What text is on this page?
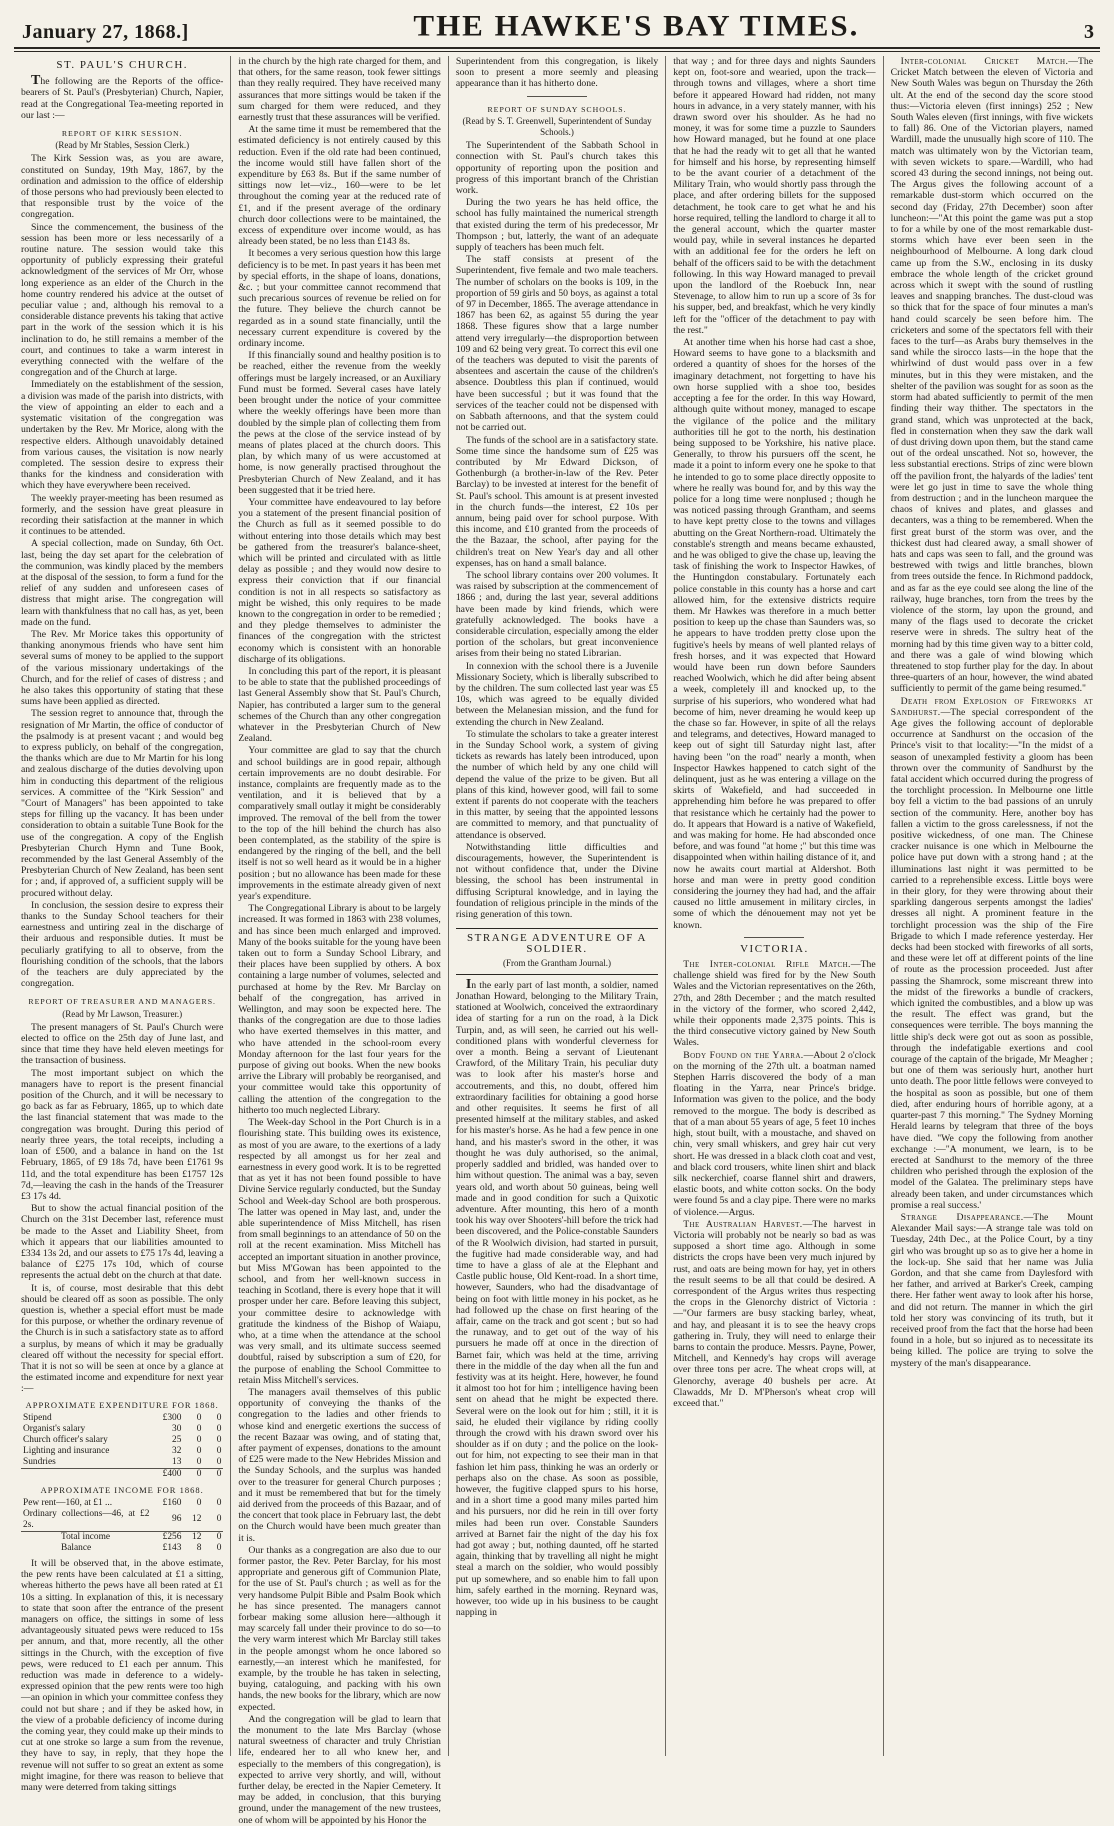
January 27, 1868.]	THE HAWKE'S BAY TIMES.	3
ST. PAUL'S CHURCH.

The following are the Reports of the office-bearers of St. Paul's (Presbyterian) Church, Napier, read at the Congregational Tea-meeting reported in our last :—

REPORT OF KIRK SESSION.
(Read by Mr Stables, Session Clerk.)

The Kirk Session was, as you are aware, constituted on Sunday, 19th May, 1867, by the ordination and admission to the office of eldership of those persons who had previously been elected to that responsible trust by the voice of the congregation.

Since the commencement, the business of the session has been more or less necessarily of a routine nature. The session would take this opportunity of publicly expressing their grateful acknowledgment of the services of Mr Orr, whose long experience as an elder of the Church in the home country rendered his advice at the outset of peculiar value ; and, although his removal to a considerable distance prevents his taking that active part in the work of the session which it is his inclination to do, he still remains a member of the court, and continues to take a warm interest in everything connected with the welfare of the congregation and of the Church at large.

Immediately on the establishment of the session, a division was made of the parish into districts, with the view of appointing an elder to each and a systematic visitation of the congregation was undertaken by the Rev. Mr Morice, along with the respective elders. Although unavoidably detained from various causes, the visitation is now nearly completed. The session desire to express their thanks for the kindness and consideration with which they have everywhere been received.

The weekly prayer-meeting has been resumed as formerly, and the session have great pleasure in recording their satisfaction at the manner in which it continues to be attended.

A special collection, made on Sunday, 6th Oct. last, being the day set apart for the celebration of the communion, was kindly placed by the members at the disposal of the session, to form a fund for the relief of any sudden and unforeseen cases of distress that might arise. The congregation will learn with thankfulness that no call has, as yet, been made on the fund.

The Rev. Mr Morice takes this opportunity of thanking anonymous friends who have sent him several sums of money to be applied to the support of the various missionary undertakings of the Church, and for the relief of cases of distress ; and he also takes this opportunity of stating that these sums have been applied as directed.

The session regret to announce that, through the resignation of Mr Martin, the office of conductor of the psalmody is at present vacant ; and would beg to express publicly, on behalf of the congregation, the thanks which are due to Mr Martin for his long and zealous discharge of the duties devolving upon him in conducting this department of the religious services. A committee of the "Kirk Session" and "Court of Managers" has been appointed to take steps for filling up the vacancy. It has been under consideration to obtain a suitable Tune Book for the use of the congregation. A copy of the English Presbyterian Church Hymn and Tune Book, recommended by the last General Assembly of the Presbyterian Church of New Zealand, has been sent for ; and, if approved of, a sufficient supply will be procured without delay.

In conclusion, the session desire to express their thanks to the Sunday School teachers for their earnestness and untiring zeal in the discharge of their arduous and responsible duties. It must be peculiarly gratifying to all to observe, from the flourishing condition of the schools, that the labors of the teachers are duly appreciated by the congregation.

REPORT OF TREASURER AND MANAGERS.
(Read by Mr Lawson, Treasurer.)

The present managers of St. Paul's Church were elected to office on the 25th day of June last, and since that time they have held eleven meetings for the transaction of business.

The most important subject on which the managers have to report is the present financial position of the Church, and it will be necessary to go back as far as February, 1865, up to which date the last financial statement that was made to the congregation was brought. During this period of nearly three years, the total receipts, including a loan of £500, and a balance in hand on the 1st February, 1865, of £9 18s 7d, have been £1761 9s 11d, and the total expenditure has been £1757 12s 7d,—leaving the cash in the hands of the Treasurer £3 17s 4d.

But to show the actual financial position of the Church on the 31st December last, reference must be made to the Asset and Liability Sheet, from which it appears that our liabilities amounted to £334 13s 2d, and our assets to £75 17s 4d, leaving a balance of £275 17s 10d, which of course represents the actual debt on the church at that date.

It is, of course, most desirable that this debt should be cleared off as soon as possible. The only question is, whether a special effort must be made for this purpose, or whether the ordinary revenue of the Church is in such a satisfactory state as to afford a surplus, by means of which it may be gradually cleared off without the necessity for special effort. That it is not so will be seen at once by a glance at the estimated income and expenditure for next year :—

APPROXIMATE EXPENDITURE FOR 1868.
Stipend	£300	0	0
Organist's salary	30	0	0
Church officer's salary	25	0	0
Lighting and insurance	32	0	0
Sundries	13	0	0
	£400	0	0
APPROXIMATE INCOME FOR 1868.
Pew rent—160, at £1 ...	£160	0	0
Ordinary collections—46, at £2 2s.	96	12	0
Total income	£256	12	0
Balance	£143	8	0

It will be observed that, in the above estimate, the pew rents have been calculated at £1 a sitting, whereas hitherto the pews have all been rated at £1 10s a sitting. In explanation of this, it is necessary to state that soon after the entrance of the present managers on office, the sittings in some of less advantageously situated pews were reduced to 15s per annum, and that, more recently, all the other sittings in the Church, with the exception of five pews, were reduced to £1 each per annum. This reduction was made in deference to a widely-expressed opinion that the pew rents were too high—an opinion in which your committee confess they could not but share ; and if they be asked how, in the view of a probable deficiency of income during the coming year, they could make up their minds to cut at one stroke so large a sum from the revenue, they have to say, in reply, that they hope the revenue will not suffer to so great an extent as some might imagine, for there was reason to believe that many were deterred from taking sittings

in the church by the high rate charged for them, and that others, for the same reason, took fewer sittings than they really required. They have received many assurances that more sittings would be taken if the sum charged for them were reduced, and they earnestly trust that these assurances will be verified.

At the same time it must be remembered that the estimated deficiency is not entirely caused by this reduction. Even if the old rate had been continued, the income would still have fallen short of the expenditure by £63 8s. But if the same number of sittings now let—viz., 160—were to be let throughout the coming year at the reduced rate of £1, and if the present average of the ordinary church door collections were to be maintained, the excess of expenditure over income would, as has already been stated, be no less than £143 8s.

It becomes a very serious question how this large deficiency is to be met. In past years it has been met by special efforts, in the shape of loans, donations, &c. ; but your committee cannot recommend that such precarious sources of revenue be relied on for the future. They believe the church cannot be regarded as in a sound state financially, until the necessary current expenditure is covered by the ordinary income.

If this financially sound and healthy position is to be reached, either the revenue from the weekly offerings must be largely increased, or an Auxiliary Fund must be formed. Several cases have lately been brought under the notice of your committee where the weekly offerings have been more than doubled by the simple plan of collecting them from the pews at the close of the service instead of by means of plates placed at the church doors. This plan, by which many of us were accustomed at home, is now generally practised throughout the Presbyterian Church of New Zealand, and it has been suggested that it be tried here.

Your committee have endeavoured to lay before you a statement of the present financial position of the Church as full as it seemed possible to do without entering into those details which may best be gathered from the treasurer's balance-sheet, which will be printed and circulated with as little delay as possible ; and they would now desire to express their conviction that if our financial condition is not in all respects so satisfactory as might be wished, this only requires to be made known to the congregation in order to be remedied ; and they pledge themselves to administer the finances of the congregation with the strictest economy which is consistent with an honorable discharge of its obligations.

In concluding this part of the report, it is pleasant to be able to state that the published proceedings of last General Assembly show that St. Paul's Church, Napier, has contributed a larger sum to the general schemes of the Church than any other congregation whatever in the Presbyterian Church of New Zealand.

Your committee are glad to say that the church and school buildings are in good repair, although certain improvements are no doubt desirable. For instance, complaints are frequently made as to the ventilation, and it is believed that by a comparatively small outlay it might be considerably improved. The removal of the bell from the tower to the top of the hill behind the church has also been contemplated, as the stability of the spire is endangered by the ringing of the bell, and the bell itself is not so well heard as it would be in a higher position ; but no allowance has been made for these improvements in the estimate already given of next year's expenditure.

The Congregational Library is about to be largely increased. It was formed in 1863 with 238 volumes, and has since been much enlarged and improved. Many of the books suitable for the young have been taken out to form a Sunday School Library, and their places have been supplied by others. A box containing a large number of volumes, selected and purchased at home by the Rev. Mr Barclay on behalf of the congregation, has arrived in Wellington, and may soon be expected here. The thanks of the congregation are due to those ladies who have exerted themselves in this matter, and who have attended in the school-room every Monday afternoon for the last four years for the purpose of giving out books. When the new books arrive the Library will probably be reorganised, and your committee would take this opportunity of calling the attention of the congregation to the hitherto too much neglected Library.

The Week-day School in the Port Church is in a flourishing state. This building owes its existence, as most of you are aware, to the exertions of a lady respected by all amongst us for her zeal and earnestness in every good work. It is to be regretted that as yet it has not been found possible to have Divine Service regularly conducted, but the Sunday School and Week-day School are both prosperous. The latter was opened in May last, and, under the able superintendence of Miss Mitchell, has risen from small beginnings to an attendance of 50 on the roll at the recent examination. Miss Mitchell has accepted an important situation in another province, but Miss M'Gowan has been appointed to the school, and from her well-known success in teaching in Scotland, there is every hope that it will prosper under her care. Before leaving this subject, your committee desire to acknowledge with gratitude the kindness of the Bishop of Waiapu, who, at a time when the attendance at the school was very small, and its ultimate success seemed doubtful, raised by subscription a sum of £20, for the purpose of enabling the School Committee to retain Miss Mitchell's services.

The managers avail themselves of this public opportunity of conveying the thanks of the congregation to the ladies and other friends to whose kind and energetic exertions the success of the recent Bazaar was owing, and of stating that, after payment of expenses, donations to the amount of £25 were made to the New Hebrides Mission and the Sunday Schools, and the surplus was handed over to the treasurer for general Church purposes ; and it must be remembered that but for the timely aid derived from the proceeds of this Bazaar, and of the concert that took place in February last, the debt on the Church would have been much greater than it is.

Our thanks as a congregation are also due to our former pastor, the Rev. Peter Barclay, for his most appropriate and generous gift of Communion Plate, for the use of St. Paul's church ; as well as for the very handsome Pulpit Bible and Psalm Book which he has since presented. The managers cannot forbear making some allusion here—although it may scarcely fall under their province to do so—to the very warm interest which Mr Barclay still takes in the people amongst whom he once labored so earnestly,—an interest which he manifested, for example, by the trouble he has taken in selecting, buying, cataloguing, and packing with his own hands, the new books for the library, which are now expected.

And the congregation will be glad to learn that the monument to the late Mrs Barclay (whose natural sweetness of character and truly Christian life, endeared her to all who knew her, and especially to the members of this congregation), is expected to arrive very shortly, and will, without further delay, be erected in the Napier Cemetery. It may be added, in conclusion, that this burying ground, under the management of the new trustees, one of whom will be appointed by his Honor the

Superintendent from this congregation, is likely soon to present a more seemly and pleasing appearance than it has hitherto done.

REPORT OF SUNDAY SCHOOLS.
(Read by S. T. Greenwell, Superintendent of Sunday Schools.)

The Superintendent of the Sabbath School in connection with St. Paul's church takes this opportunity of reporting upon the position and progress of this important branch of the Christian work.

During the two years he has held office, the school has fully maintained the numerical strength that existed during the term of his predecessor, Mr Thompson ; but, latterly, the want of an adequate supply of teachers has been much felt.

The staff consists at present of the Superintendent, five female and two male teachers. The number of scholars on the books is 109, in the proportion of 59 girls and 50 boys, as against a total of 97 in December, 1865. The average attendance in 1867 has been 62, as against 55 during the year 1868. These figures show that a large number attend very irregularly—the disproportion between 109 and 62 being very great. To correct this evil one of the teachers was deputed to visit the parents of absentees and ascertain the cause of the children's absence. Doubtless this plan if continued, would have been successful ; but it was found that the services of the teacher could not be dispensed with on Sabbath afternoons, and that the system could not be carried out.

The funds of the school are in a satisfactory state. Some time since the handsome sum of £25 was contributed by Mr Edward Dickson, of Gothenburgh (a brother-in-law of the Rev. Peter Barclay) to be invested at interest for the benefit of St. Paul's school. This amount is at present invested in the church funds—the interest, £2 10s per annum, being paid over for school purpose. With this income, and £10 granted from the proceeds of the the Bazaar, the school, after paying for the children's treat on New Year's day and all other expenses, has on hand a small balance.

The school library contains over 200 volumes. It was raised by subscription at the commencement of 1866 ; and, during the last year, several additions have been made by kind friends, which were gratefully acknowledged. The books have a considerable circulation, especially among the elder portion of the scholars, but great inconvenience arises from their being no stated Librarian.

In connexion with the school there is a Juvenile Missionary Society, which is liberally subscribed to by the children. The sum collected last year was £5 10s, which was agreed to be equally divided between the Melanesian mission, and the fund for extending the church in New Zealand.

To stimulate the scholars to take a greater interest in the Sunday School work, a system of giving tickets as rewards has lately been introduced, upon the number of which held by any one child will depend the value of the prize to be given. But all plans of this kind, however good, will fail to some extent if parents do not cooperate with the teachers in this matter, by seeing that the appointed lessons are committed to memory, and that punctuality of attendance is observed.

Notwithstanding little difficulties and discouragements, however, the Superintendent is not without confidence that, under the Divine blessing, the school has been instrumental in diffusing Scriptural knowledge, and in laying the foundation of religious principle in the minds of the rising generation of this town.

STRANGE ADVENTURE OF A SOLDIER.
(From the Grantham Journal.)

In the early part of last month, a soldier, named Jonathan Howard, belonging to the Military Train, stationed at Woolwich, conceived the extraordinary idea of starting for a run on the road, à la Dick Turpin, and, as will seen, he carried out his well-conditioned plans with wonderful cleverness for over a month. Being a servant of Lieutenant Crawford, of the Military Train, his peculiar duty was to look after his master's horse and accoutrements, and this, no doubt, offered him extraordinary facilities for obtaining a good horse and other requisites. It seems he first of all presented himself at the military stables, and asked for his master's horse. As he had a few pence in one hand, and his master's sword in the other, it was thought he was duly authorised, so the animal, properly saddled and bridled, was handed over to him without question. The animal was a bay, seven years old, and worth about 50 guineas, being well made and in good condition for such a Quixotic adventure. After mounting, this hero of a month took his way over Shooters'-hill before the trick had been discovered, and the Police-constable Saunders of the R Woolwich division, had started in pursuit, the fugitive had made considerable way, and had time to have a glass of ale at the Elephant and Castle public house, Old Kent-road. In a short time, however, Saunders, who had the disadvantage of being on foot with little money in his pocket, as he had followed up the chase on first hearing of the affair, came on the track and got scent ; but so had the runaway, and to get out of the way of his pursuers he made off at once in the direction of Barnet fair, which was held at the time, arriving there in the middle of the day when all the fun and festivity was at its height. Here, however, he found it almost too hot for him ; intelligence having been sent on ahead that he might be expected there. Several were on the look out for him ; still, it it is said, he eluded their vigilance by riding coolly through the crowd with his drawn sword over his shoulder as if on duty ; and the police on the look-out for him, not expecting to see their man in that fashion let him pass, thinking he was an orderly or perhaps also on the chase. As soon as possible, however, the fugitive clapped spurs to his horse, and in a short time a good many miles parted him and his pursuers, nor did he rein in till over forty miles had been run over. Constable Saunders arrived at Barnet fair the night of the day his fox had got away ; but, nothing daunted, off he started again, thinking that by travelling all night he might steal a march on the soldier, who would possibly put up somewhere, and so enable him to fall upon him, safely earthed in the morning. Reynard was, however, too wide up in his business to be caught napping in

that way ; and for three days and nights Saunders kept on, foot-sore and wearied, upon the track—through towns and villages, where a short time before it appeared Howard had ridden, not many hours in advance, in a very stately manner, with his drawn sword over his shoulder. As he had no money, it was for some time a puzzle to Saunders how Howard managed, but he found at one place that he had the ready wit to get all that he wanted for himself and his horse, by representing himself to be the avant courier of a detachment of the Military Train, who would shortly pass through the place, and after ordering billets for the supposed detachment, he took care to get what he and his horse required, telling the landlord to charge it all to the general account, which the quarter master would pay, while in several instances he departed with an additional fee for the orders he left on behalf of the officers said to be with the detachment following. In this way Howard managed to prevail upon the landlord of the Roebuck Inn, near Stevenage, to allow him to run up a score of 3s for his supper, bed, and breakfast, which he very kindly left for the "officer of the detachment to pay with the rest."

At another time when his horse had cast a shoe, Howard seems to have gone to a blacksmith and ordered a quantity of shoes for the horses of the imaginary detachment, not forgetting to have his own horse supplied with a shoe too, besides accepting a fee for the order. In this way Howard, although quite without money, managed to escape the vigilance of the police and the military authorities till he got to the north, his destination being supposed to be Yorkshire, his native place. Generally, to throw his pursuers off the scent, he made it a point to inform every one he spoke to that he intended to go to some place directly opposite to where he really was bound for, and by this way the police for a long time were nonplused ; though he was noticed passing through Grantham, and seems to have kept pretty close to the towns and villages abutting on the Great Northern-road. Ultimately the constable's strength and means became exhausted, and he was obliged to give the chase up, leaving the task of finishing the work to Inspector Hawkes, of the Huntingdon constabulary. Fortunately each police constable in this county has a horse and cart allowed him, for the extensive districts require them. Mr Hawkes was therefore in a much better position to keep up the chase than Saunders was, so he appears to have trodden pretty close upon the fugitive's heels by means of well planted relays of fresh horses, and it was expected that Howard would have been run down before Saunders reached Woolwich, which he did after being absent a week, completely ill and knocked up, to the surprise of his superiors, who wondered what had become of him, never dreaming he would keep up the chase so far. However, in spite of all the relays and telegrams, and detectives, Howard managed to keep out of sight till Saturday night last, after having been "on the road" nearly a month, when Inspector Hawkes happened to catch sight of the delinquent, just as he was entering a village on the skirts of Wakefield, and had succeeded in apprehending him before he was prepared to offer that resistance which he certainly had the power to do. It appears that Howard is a native of Wakefield, and was making for home. He had absconded once before, and was found "at home ;" but this time was disappointed when within hailing distance of it, and now he awaits court martial at Aldershot. Both horse and man were in pretty good condition considering the journey they had had, and the affair caused no little amusement in military circles, in some of which the dénouement may not yet be known.

VICTORIA.

The Inter-colonial Rifle Match.—The challenge shield was fired for by the New South Wales and the Victorian representatives on the 26th, 27th, and 28th December ; and the match resulted in the victory of the former, who scored 2,442, while their opponents made 2,375 points. This is the third consecutive victory gained by New South Wales.

Body Found on the Yarra.—About 2 o'clock on the morning of the 27th ult. a boatman named Stephen Harris discovered the body of a man floating in the Yarra, near Prince's bridge. Information was given to the police, and the body removed to the morgue. The body is described as that of a man about 55 years of age, 5 feet 10 inches high, stout built, with a moustache, and shaved on chin, very small whiskers, and grey hair cut very short. He was dressed in a black cloth coat and vest, and black cord trousers, white linen shirt and black silk neckerchief, coarse flannel shirt and drawers, elastic boots, and white cotton socks. On the body were found 5s and a clay pipe. There were no marks of violence.—Argus.

The Australian Harvest.—The harvest in Victoria will probably not be nearly so bad as was supposed a short time ago. Although in some districts the crops have been very much injured by rust, and oats are being mown for hay, yet in others the result seems to be all that could be desired. A correspondent of the Argus writes thus respecting the crops in the Glenorchy district of Victoria :—"Our farmers are busy stacking barley, wheat, and hay, and pleasant it is to see the heavy crops gathering in. Truly, they will need to enlarge their barns to contain the produce. Messrs. Payne, Power, Mitchell, and Kennedy's hay crops will average over three tons per acre. The wheat crops will, at Glenorchy, average 40 bushels per acre. At Clawadds, Mr D. M'Pherson's wheat crop will exceed that."

Inter-colonial Cricket Match.—The Cricket Match between the eleven of Victoria and New South Wales was begun on Thursday the 26th ult. At the end of the second day the score stood thus:—Victoria eleven (first innings) 252 ; New South Wales eleven (first innings, with five wickets to fall) 86. One of the Victorian players, named Wardill, made the unusually high score of 110. The match was ultimately won by the Victorian team, with seven wickets to spare.—Wardill, who had scored 43 during the second innings, not being out. The Argus gives the following account of a remarkable dust-storm which occurred on the second day (Friday, 27th December) soon after luncheon:—"At this point the game was put a stop to for a while by one of the most remarkable dust-storms which have ever been seen in the neighbourhood of Melbourne. A long dark cloud came up from the S.W., enclosing in its dusky embrace the whole length of the cricket ground across which it swept with the sound of rustling leaves and snapping branches. The dust-cloud was so thick that for the space of four minutes a man's hand could scarcely be seen before him. The cricketers and some of the spectators fell with their faces to the turf—as Arabs bury themselves in the sand while the sirocco lasts—in the hope that the whirlwind of dust would pass over in a few minutes, but in this they were mistaken, and the shelter of the pavilion was sought for as soon as the storm had abated sufficiently to permit of the men finding their way thither. The spectators in the grand stand, which was unprotected at the back, fled in consternation when they saw the dark wall of dust driving down upon them, but the stand came out of the ordeal unscathed. Not so, however, the less substantial erections. Strips of zinc were blown off the pavilion front, the halyards of the ladies' tent were let go just in time to save the whole thing from destruction ; and in the luncheon marquee the chaos of knives and plates, and glasses and decanters, was a thing to be remembered. When the first great burst of the storm was over, and the thickest dust had cleared away, a small shower of hats and caps was seen to fall, and the ground was bestrewed with twigs and little branches, blown from trees outside the fence. In Richmond paddock, and as far as the eye could see along the line of the railway, huge branches, torn from the trees by the violence of the storm, lay upon the ground, and many of the flags used to decorate the cricket reserve were in shreds. The sultry heat of the morning had by this time given way to a bitter cold, and there was a gale of wind blowing which threatened to stop further play for the day. In about three-quarters of an hour, however, the wind abated sufficiently to permit of the game being resumed."

Death from Explosion of Fireworks at Sandhurst.—The special correspondent of the Age gives the following account of deplorable occurrence at Sandhurst on the occasion of the Prince's visit to that locality:—"In the midst of a season of unexampled festivity a gloom has been thrown over the community of Sandhurst by the fatal accident which occurred during the progress of the torchlight procession. In Melbourne one little boy fell a victim to the bad passions of an unruly section of the community. Here, another boy has fallen a victim to the gross carelessness, if not the positive wickedness, of one man. The Chinese cracker nuisance is one which in Melbourne the police have put down with a strong hand ; at the illuminations last night it was permitted to be carried to a reprehensible excess. Little boys were in their glory, for they were throwing about their sparkling dangerous serpents amongst the ladies' dresses all night. A prominent feature in the torchlight procession was the ship of the Fire Brigade to which I made reference yesterday. Her decks had been stocked with fireworks of all sorts, and these were let off at different points of the line of route as the procession proceeded. Just after passing the Shamrock, some miscreant threw into the midst of the fireworks a bundle of crackers, which ignited the combustibles, and a blow up was the result. The effect was grand, but the consequences were terrible. The boys manning the little ship's deck were got out as soon as possible, through the indefatigable exertions and cool courage of the captain of the brigade, Mr Meagher ; but one of them was seriously hurt, another hurt unto death. The poor little fellows were conveyed to the hospital as soon as possible, but one of them died, after enduring hours of horrible agony, at a quarter-past 7 this morning." The Sydney Morning Herald learns by telegram that three of the boys have died. "We copy the following from another exchange :—"A monument, we learn, is to be erected at Sandhurst to the memory of the three children who perished through the explosion of the model of the Galatea. The preliminary steps have already been taken, and under circumstances which promise a real success.'

Strange Disappearance.—The Mount Alexander Mail says:—A strange tale was told on Tuesday, 24th Dec., at the Police Court, by a tiny girl who was brought up so as to give her a home in the lock-up. She said that her name was Julia Gordon, and that she came from Daylesford with her father, and arrived at Barker's Creek, camping there. Her father went away to look after his horse, and did not return. The manner in which the girl told her story was convincing of its truth, but it received proof from the fact that the horse had been found in a hole, but so injured as to necessitate its being killed. The police are trying to solve the mystery of the man's disappearance.
